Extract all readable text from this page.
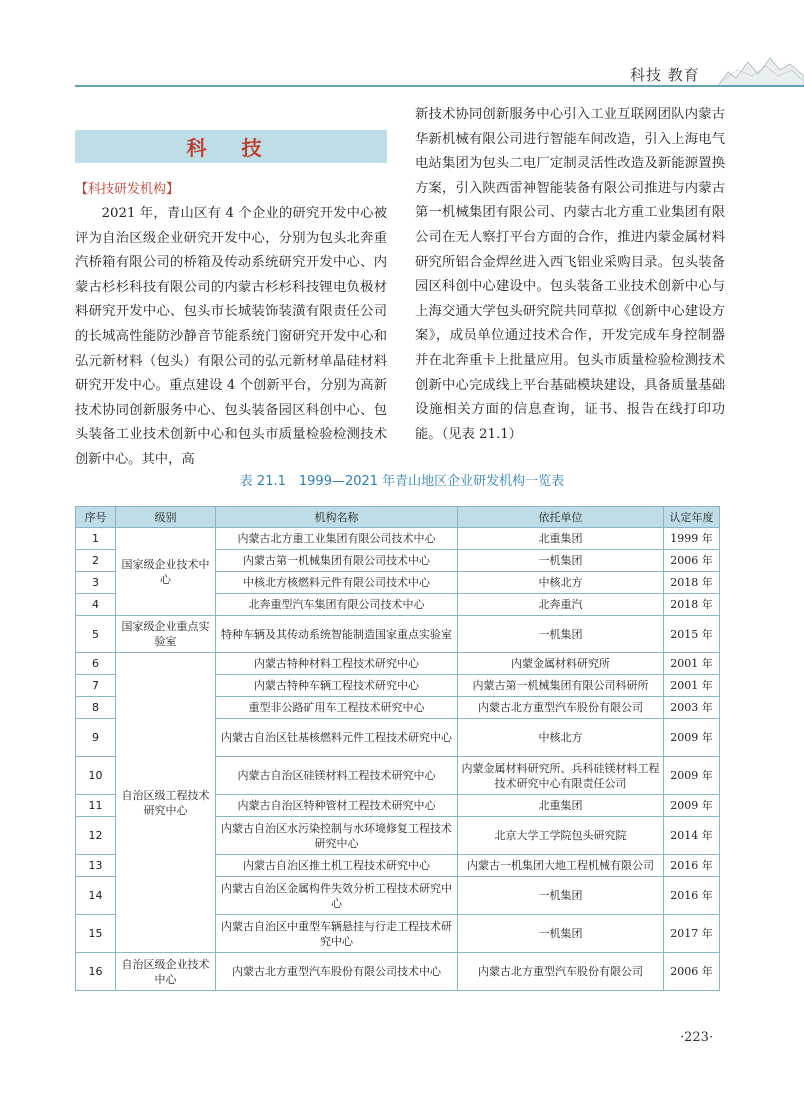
科技 教育
科 技
【科技研发机构】
2021 年，青山区有 4 个企业的研究开发中心被评为自治区级企业研究开发中心，分别为包头北奔重汽桥箱有限公司的桥箱及传动系统研究开发中心、内蒙古杉杉科技有限公司的内蒙古杉杉科技锂电负极材料研究开发中心、包头市长城装饰装潢有限责任公司的长城高性能防沙静音节能系统门窗研究开发中心和弘元新材料（包头）有限公司的弘元新材单晶硅材料研究开发中心。重点建设 4 个创新平台，分别为高新技术协同创新服务中心、包头装备园区科创中心、包头装备工业技术创新中心和包头市质量检验检测技术创新中心。其中，高
新技术协同创新服务中心引入工业互联网团队内蒙古华新机械有限公司进行智能车间改造，引入上海电气电站集团为包头二电厂定制灵活性改造及新能源置换方案，引入陕西雷神智能装备有限公司推进与内蒙古第一机械集团有限公司、内蒙古北方重工业集团有限公司在无人察打平台方面的合作，推进内蒙金属材料研究所铝合金焊丝进入西飞铝业采购目录。包头装备园区科创中心建设中。包头装备工业技术创新中心与上海交通大学包头研究院共同草拟《创新中心建设方案》，成员单位通过技术合作，开发完成车身控制器并在北奔重卡上批量应用。包头市质量检验检测技术创新中心完成线上平台基础模块建设，具备质量基础设施相关方面的信息查询，证书、报告在线打印功能。（见表 21.1）
表 21.1　1999—2021 年青山地区企业研发机构一览表
序号	级别	机构名称	依托单位	认定年度
1	国家级企业技术中心	内蒙古北方重工业集团有限公司技术中心	北重集团	1999 年
2		内蒙古第一机械集团有限公司技术中心	一机集团	2006 年
3		中核北方核燃料元件有限公司技术中心	中核北方	2018 年
4		北奔重型汽车集团有限公司技术中心	北奔重汽	2018 年
5	国家级企业重点实验室	特种车辆及其传动系统智能制造国家重点实验室	一机集团	2015 年
6	自治区级工程技术研究中心	内蒙古特种材料工程技术研究中心	内蒙金属材料研究所	2001 年
7		内蒙古特种车辆工程技术研究中心	内蒙古第一机械集团有限公司科研所	2001 年
8		重型非公路矿用车工程技术研究中心	内蒙古北方重型汽车股份有限公司	2003 年
9		内蒙古自治区钍基核燃料元件工程技术研究中心	中核北方	2009 年
10		内蒙古自治区硅镁材料工程技术研究中心	内蒙金属材料研究所、兵科硅镁材料工程技术研究中心有限责任公司	2009 年
11		内蒙古自治区特种管材工程技术研究中心	北重集团	2009 年
12		内蒙古自治区水污染控制与水环境修复工程技术研究中心	北京大学工学院包头研究院	2014 年
13		内蒙古自治区推土机工程技术研究中心	内蒙古一机集团大地工程机械有限公司	2016 年
14		内蒙古自治区金属构件失效分析工程技术研究中心	一机集团	2016 年
15		内蒙古自治区中重型车辆悬挂与行走工程技术研究中心	一机集团	2017 年
16	自治区级企业技术中心	内蒙古北方重型汽车股份有限公司技术中心	内蒙古北方重型汽车股份有限公司	2006 年
·223·
